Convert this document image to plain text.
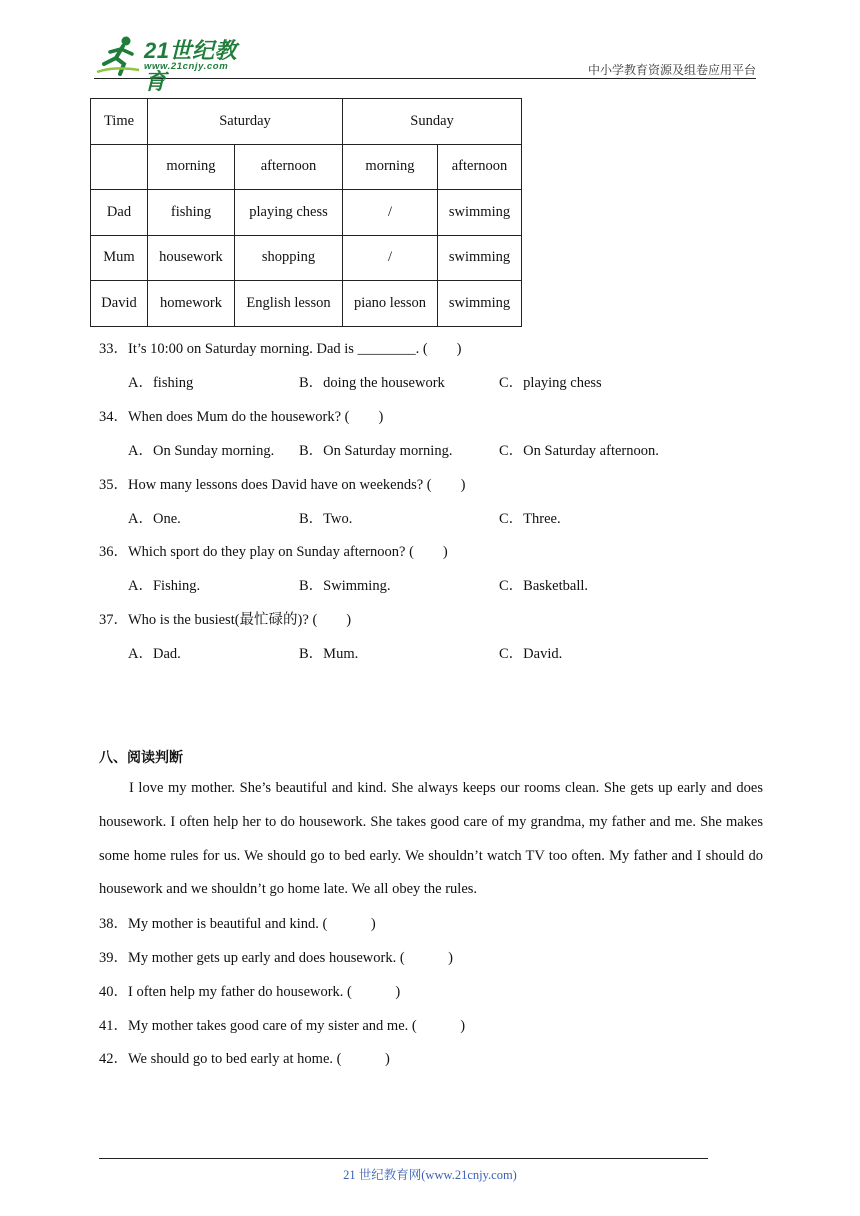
21世纪教育
www.21cnjy.com	中小学教育资源及组卷应用平台
Time	Saturday		Sunday	
	morning	afternoon	morning	afternoon
Dad	fishing	playing chess	/	swimming
Mum	housework	shopping	/	swimming
David	homework	English lesson	piano lesson	swimming
33．It’s 10:00 on Saturday morning. Dad is ________. (　　)
A．fishing	B．doing the housework	C．playing chess
34．When does Mum do the housework? (　　)
A．On Sunday morning. B．On Saturday morning.	C．On Saturday afternoon.
35．How many lessons does David have on weekends? (　　)
A．One.	B．Two.	C．Three.
36．Which sport do they play on Sunday afternoon? (　　)
A．Fishing.	B．Swimming.	C．Basketball.
37．Who is the busiest(最忙碌的)? (　　)
A．Dad.	B．Mum.	C．David.
八、阅读判断
I love my mother. She’s beautiful and kind. She always keeps our rooms clean. She gets up early and does housework. I often help her to do housework. She takes good care of my grandma, my father and me. She makes some home rules for us. We should go to bed early. We shouldn’t watch TV too often. My father and I should do housework and we shouldn’t go home late. We all obey the rules.
38．My mother is beautiful and kind. (　　　)
39．My mother gets up early and does housework. (　　　)
40．I often help my father do housework. (　　　)
41．My mother takes good care of my sister and me. (　　　)
42．We should go to bed early at home. (　　　)
21 世纪教育网(www.21cnjy.com)
